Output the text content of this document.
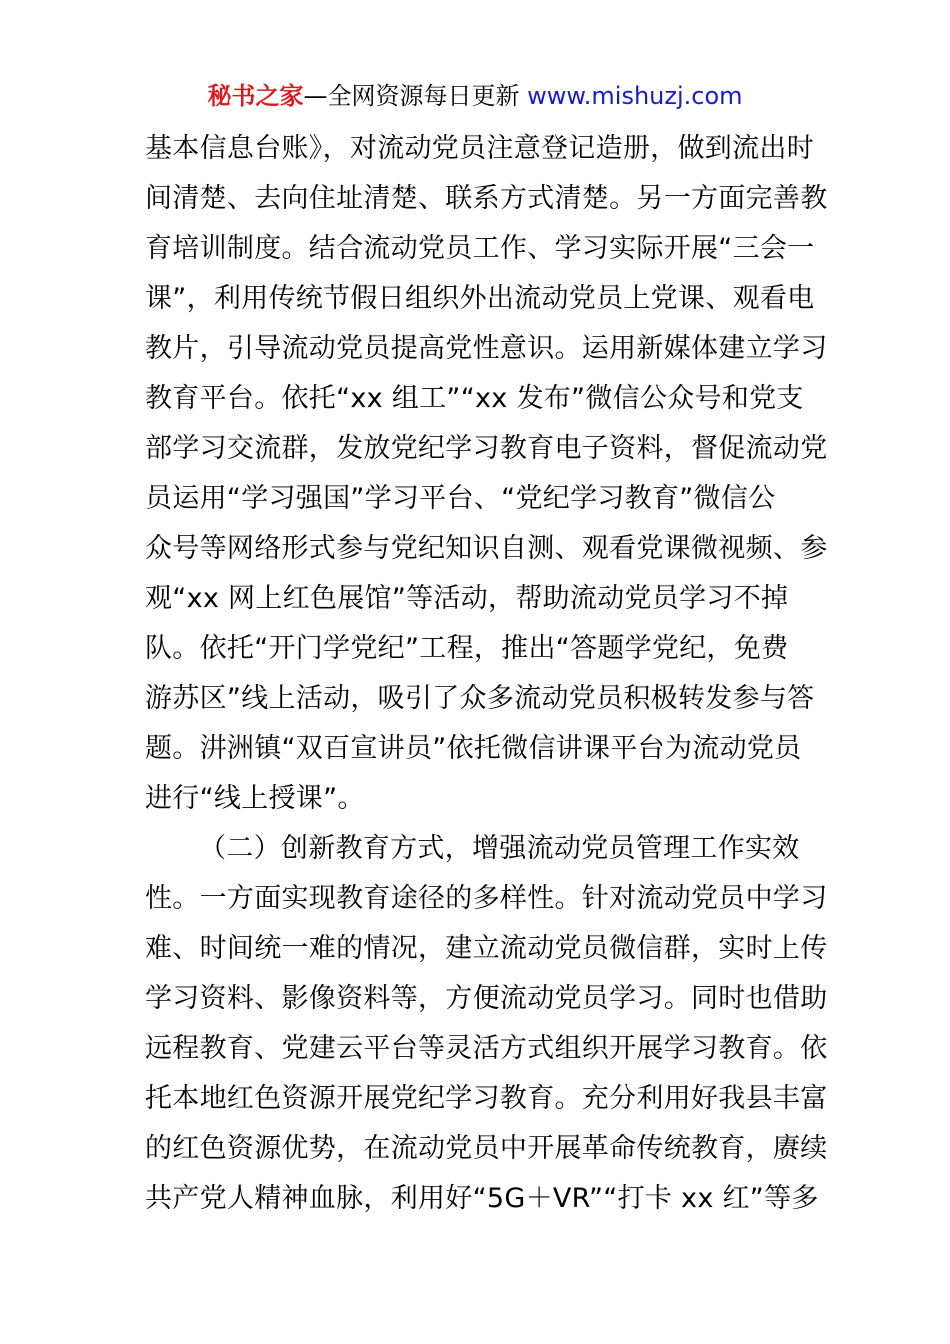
秘书之家—全网资源每日更新 www.mishuzj.com
基本信息台账》，对流动党员注意登记造册，做到流出时
间清楚、去向住址清楚、联系方式清楚。另一方面完善教
育培训制度。结合流动党员工作、学习实际开展“三会一
课”，利用传统节假日组织外出流动党员上党课、观看电
教片，引导流动党员提高党性意识。运用新媒体建立学习
教育平台。依托“xx 组工”“xx 发布”微信公众号和党支
部学习交流群，发放党纪学习教育电子资料，督促流动党
员运用“学习强国”学习平台、“党纪学习教育”微信公
众号等网络形式参与党纪知识自测、观看党课微视频、参
观“xx 网上红色展馆”等活动，帮助流动党员学习不掉
队。依托“开门学党纪”工程，推出“答题学党纪，免费
游苏区”线上活动，吸引了众多流动党员积极转发参与答
题。汫洲镇“双百宣讲员”依托微信讲课平台为流动党员
进行“线上授课”。
（二）创新教育方式，增强流动党员管理工作实效
性。一方面实现教育途径的多样性。针对流动党员中学习
难、时间统一难的情况，建立流动党员微信群，实时上传
学习资料、影像资料等，方便流动党员学习。同时也借助
远程教育、党建云平台等灵活方式组织开展学习教育。依
托本地红色资源开展党纪学习教育。充分利用好我县丰富
的红色资源优势，在流动党员中开展革命传统教育，赓续
共产党人精神血脉，利用好“5G＋VR”“打卡 xx 红”等多
